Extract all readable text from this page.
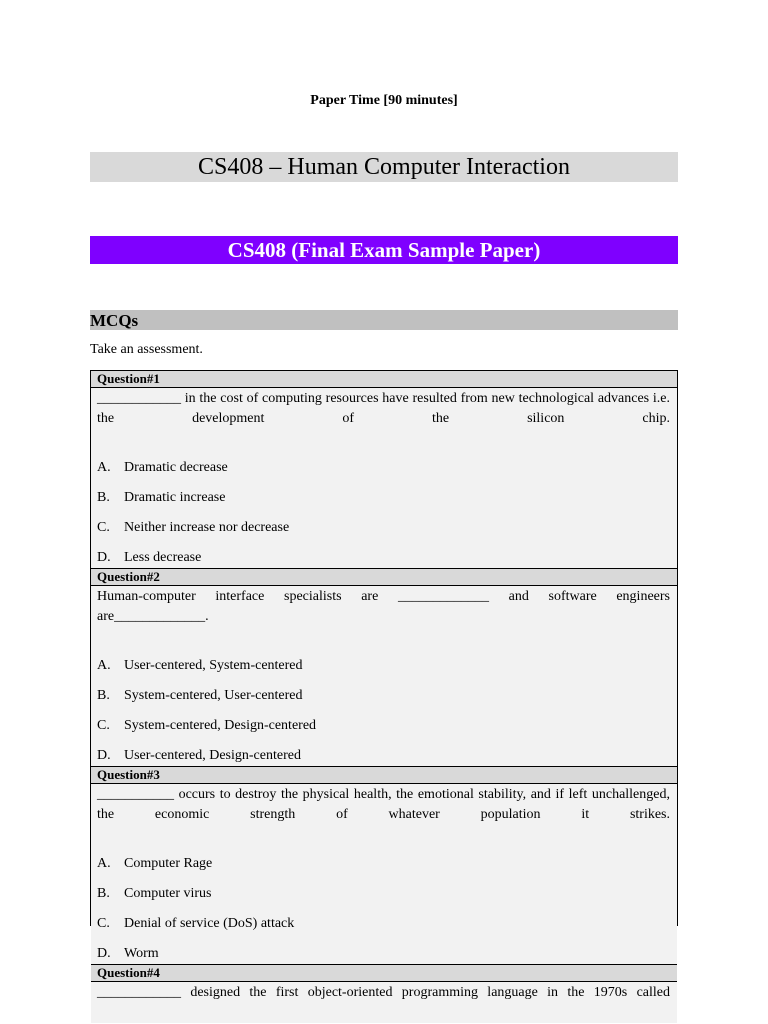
Paper Time [90 minutes]
CS408 – Human Computer Interaction
CS408 (Final Exam Sample Paper)
MCQs
Take an assessment.
Question#1
____________ in the cost of computing resources have resulted from new technological advances i.e. the development of the silicon chip.
A. Dramatic decrease
B. Dramatic increase
C. Neither increase nor decrease
D. Less decrease
Question#2
Human-computer interface specialists are _____________ and software engineers are_____________.
A. User-centered, System-centered
B. System-centered, User-centered
C. System-centered, Design-centered
D. User-centered, Design-centered
Question#3
___________ occurs to destroy the physical health, the emotional stability, and if left unchallenged, the economic strength of whatever population it strikes.
A. Computer Rage
B. Computer virus
C. Denial of service (DoS) attack
D. Worm
Question#4
____________ designed the first object-oriented programming language in the 1970s called
